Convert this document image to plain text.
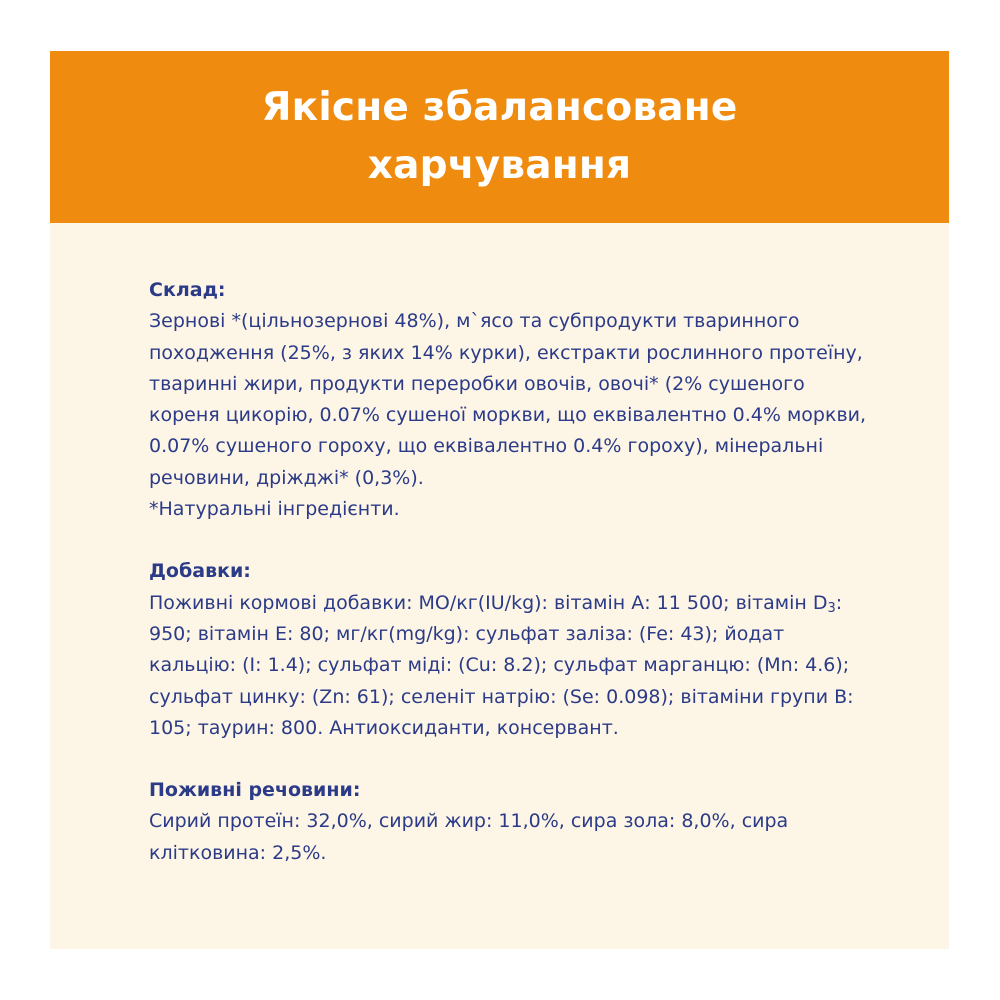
Якісне збалансоване харчування
Склад:

Зернові *(цільнозернові 48%), м`ясо та субпродукти тваринного походження (25%, з яких 14% курки), екстракти рослинного протеїну, тваринні жири, продукти переробки овочів, овочі* (2% сушеного кореня цикорію, 0.07% сушеної моркви, що еквівалентно 0.4% моркви, 0.07% сушеного гороху, що еквівалентно 0.4% гороху), мінеральні речовини, дріжджі* (0,3%).

*Натуральні інгредієнти.

Добавки:

Поживні кормові добавки: МО/кг(IU/kg): вітамін А: 11 500; вітамін $D_3$: 950; вітамін Е: 80; мг/кг(mg/kg): сульфат заліза: (Fe: 43); йодат кальцію: (I: 1.4); сульфат міді: (Cu: 8.2); сульфат марганцю: (Mn: 4.6); сульфат цинку: (Zn: 61); селеніт натрію: (Se: 0.098); вітаміни групи В: 105; таурин: 800. Антиоксиданти, консервант.

Поживні речовини:

Сирий протеїн: 32,0%, сирий жир: 11,0%, сира зола: 8,0%, сира клітковина: 2,5%.
